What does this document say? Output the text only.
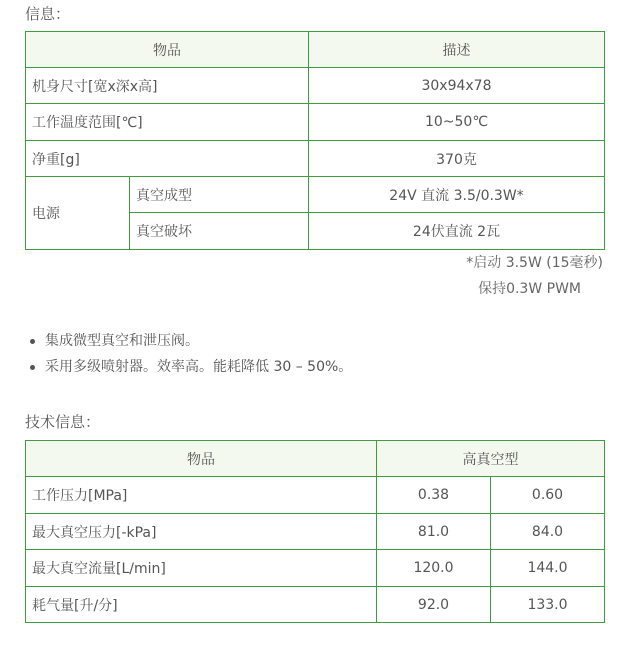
信息：
物品		描述
机身尺寸[宽x深x高]		30x94x78
工作温度范围[℃]		10~50℃
净重[g]		370克
电源	真空成型	24V 直流 3.5/0.3W*
	真空破坏	24伏直流 2瓦
*启动 3.5W (15毫秒)
保持0.3W PWM
集成微型真空和泄压阀。
采用多级喷射器。效率高。能耗降低 30 – 50%。
技术信息：
物品	高真空型	
工作压力[MPa]	0.38	0.60
最大真空压力[-kPa]	81.0	84.0
最大真空流量[L/min]	120.0	144.0
耗气量[升/分]	92.0	133.0
